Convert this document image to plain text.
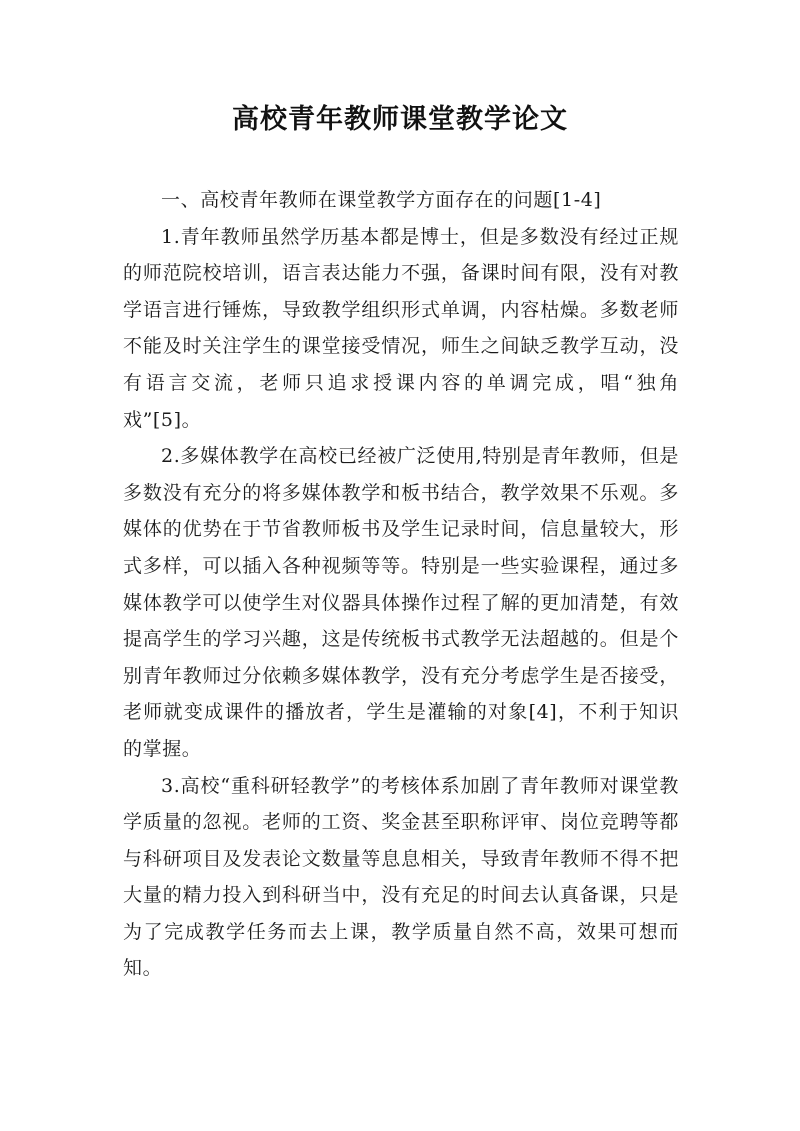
高校青年教师课堂教学论文

一、高校青年教师在课堂教学方面存在的问题[1-4]

1.青年教师虽然学历基本都是博士，但是多数没有经过正规的师范院校培训，语言表达能力不强，备课时间有限，没有对教学语言进行锤炼，导致教学组织形式单调，内容枯燥。多数老师不能及时关注学生的课堂接受情况，师生之间缺乏教学互动，没有语言交流，老师只追求授课内容的单调完成，唱“独角戏”[5]。

2.多媒体教学在高校已经被广泛使用,特别是青年教师，但是多数没有充分的将多媒体教学和板书结合，教学效果不乐观。多媒体的优势在于节省教师板书及学生记录时间，信息量较大，形式多样，可以插入各种视频等等。特别是一些实验课程，通过多媒体教学可以使学生对仪器具体操作过程了解的更加清楚，有效提高学生的学习兴趣，这是传统板书式教学无法超越的。但是个别青年教师过分依赖多媒体教学，没有充分考虑学生是否接受，老师就变成课件的播放者，学生是灌输的对象[4]，不利于知识的掌握。

3.高校“重科研轻教学”的考核体系加剧了青年教师对课堂教学质量的忽视。老师的工资、奖金甚至职称评审、岗位竞聘等都与科研项目及发表论文数量等息息相关，导致青年教师不得不把大量的精力投入到科研当中，没有充足的时间去认真备课，只是为了完成教学任务而去上课，教学质量自然不高，效果可想而知。
